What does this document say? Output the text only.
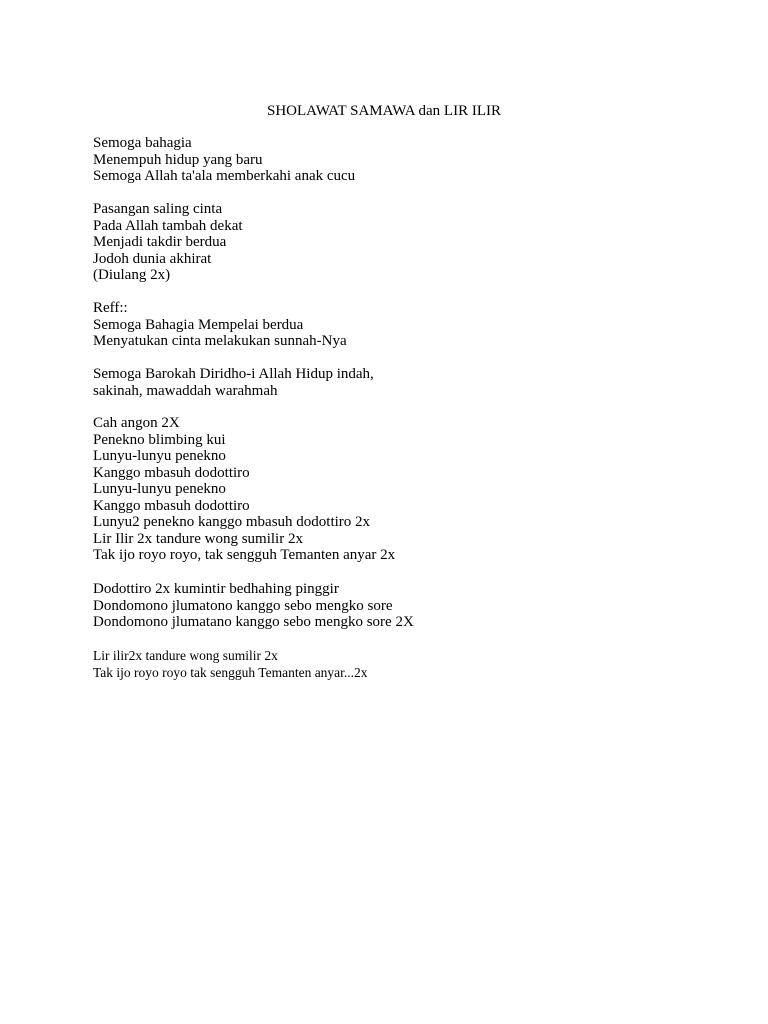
SHOLAWAT SAMAWA dan LIR ILIR
Semoga bahagia
Menempuh hidup yang baru
Semoga Allah ta'ala memberkahi anak cucu
Pasangan saling cinta
Pada Allah tambah dekat
Menjadi takdir berdua
Jodoh dunia akhirat
(Diulang 2x)
Reff::
Semoga Bahagia Mempelai berdua
Menyatukan cinta melakukan sunnah-Nya
Semoga Barokah Diridho-i Allah Hidup indah,
sakinah, mawaddah warahmah
Cah angon 2X
Penekno blimbing kui
Lunyu-lunyu penekno
Kanggo mbasuh dodottiro
Lunyu-lunyu penekno
Kanggo mbasuh dodottiro
Lunyu2 penekno kanggo mbasuh dodottiro 2x
Lir Ilir 2x tandure wong sumilir 2x
Tak ijo royo royo, tak sengguh Temanten anyar 2x
Dodottiro 2x kumintir bedhahing pinggir
Dondomono jlumatono kanggo sebo mengko sore
Dondomono jlumatano kanggo sebo mengko sore 2X
Lir ilir2x tandure wong sumilir 2x
Tak ijo royo royo tak sengguh Temanten anyar...2x
